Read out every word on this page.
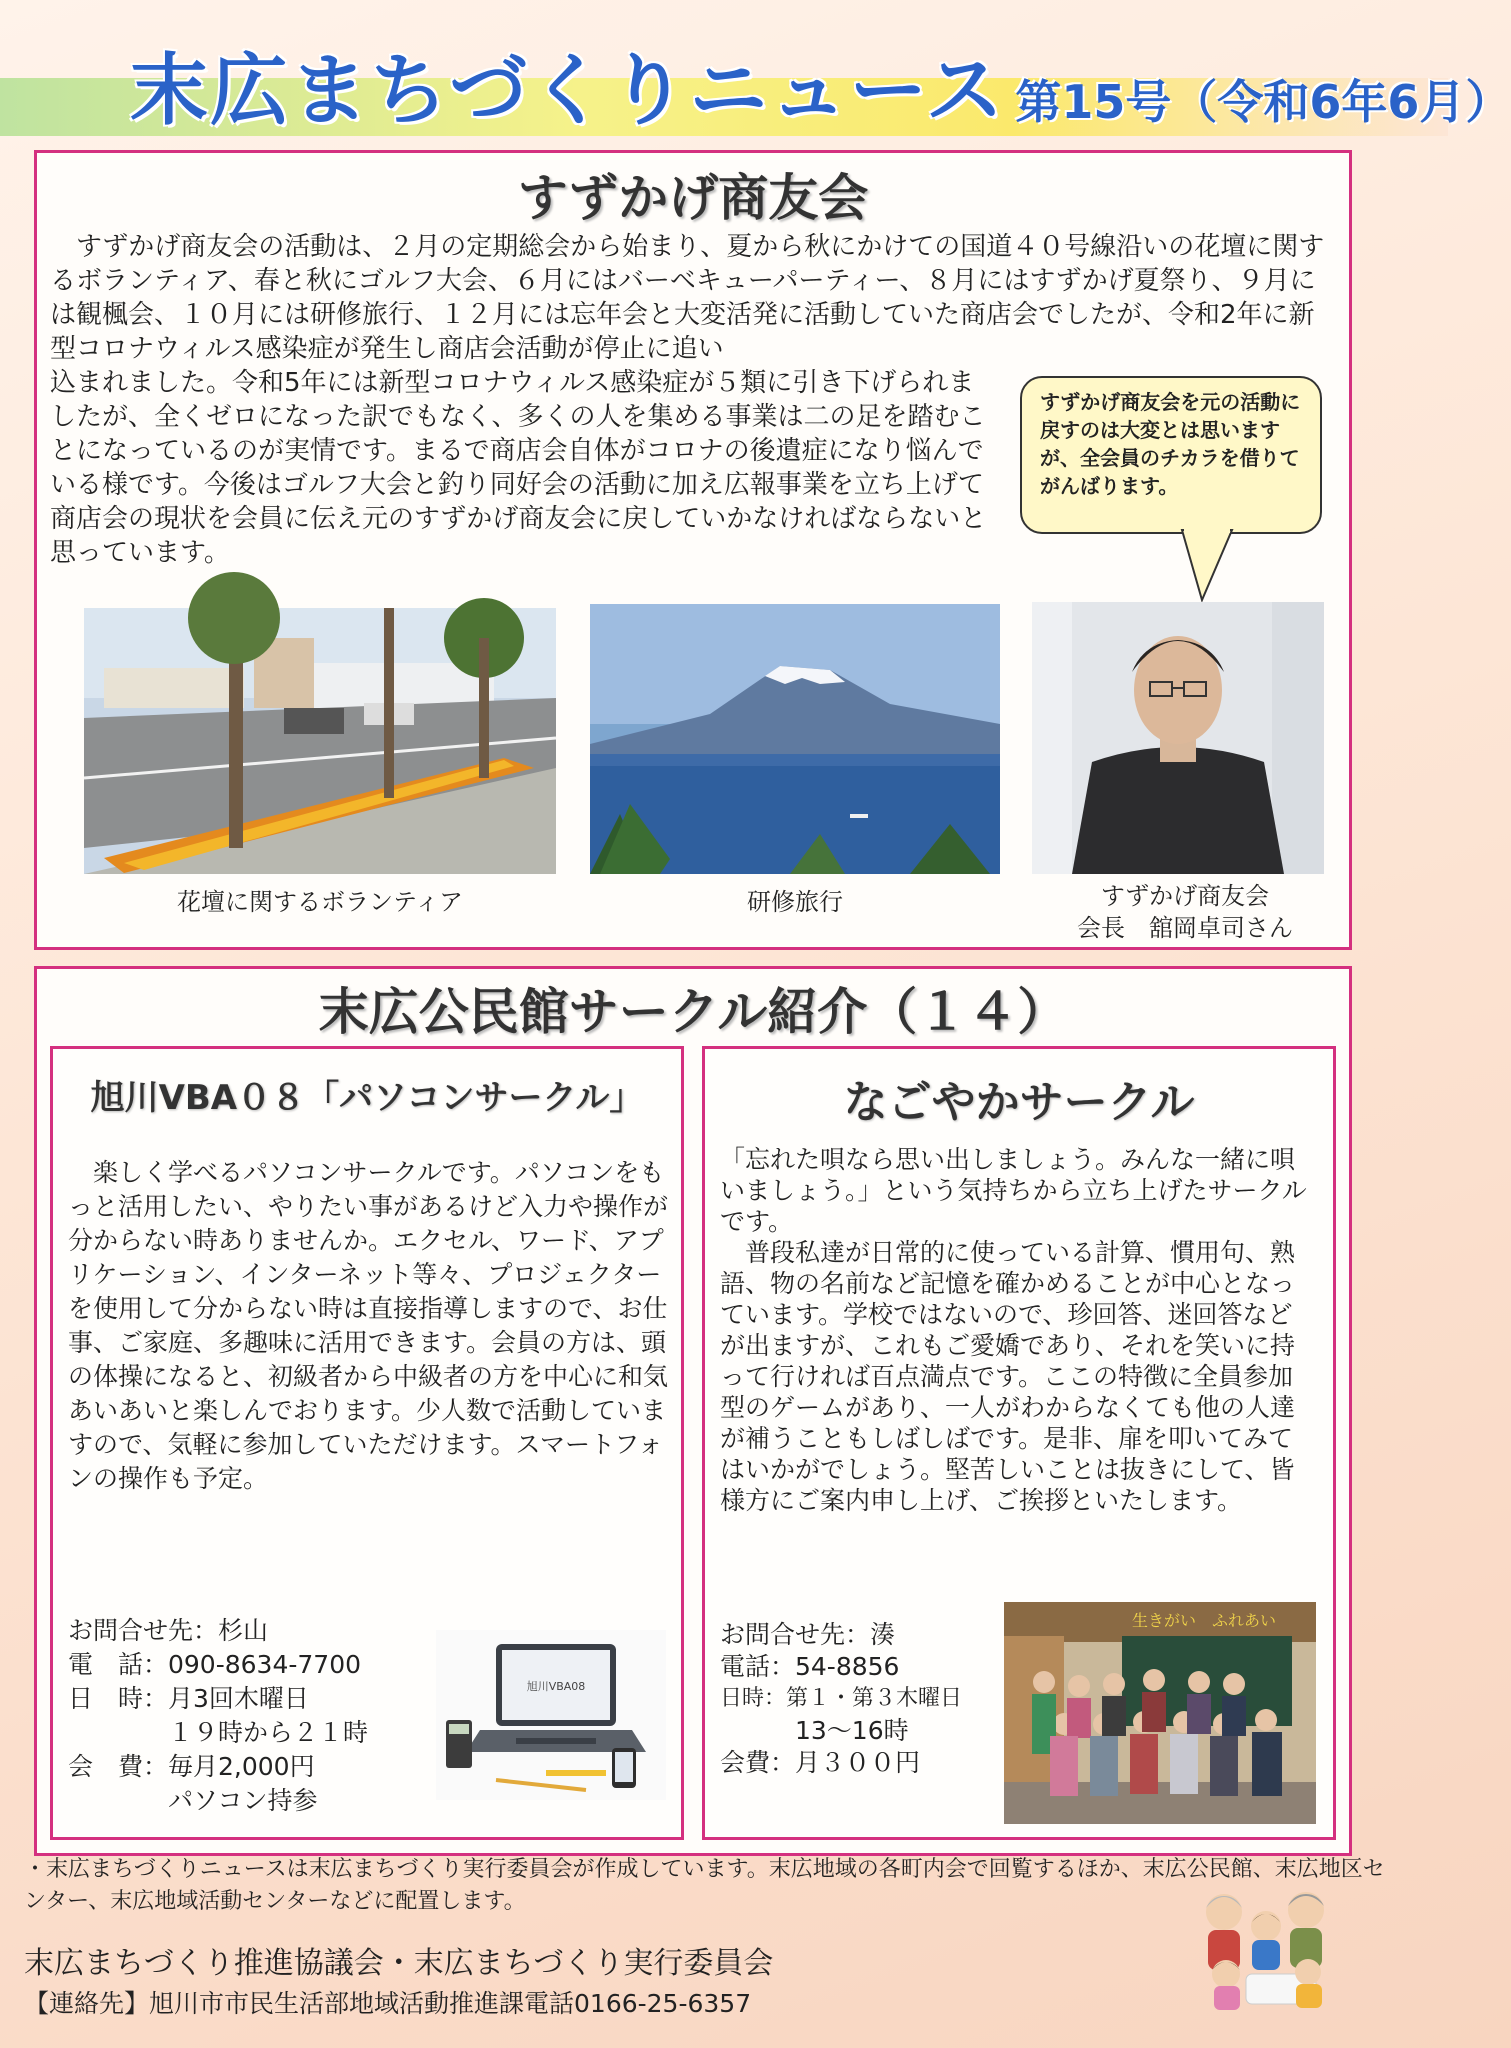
末広まちづくりニュース 第15号（令和6年6月）
すずかげ商友会
　すずかげ商友会の活動は、２月の定期総会から始まり、夏から秋にかけての国道４０号線沿いの花壇に関するボランティア、春と秋にゴルフ大会、６月にはバーベキューパーティー、８月にはすずかげ夏祭り、９月には観楓会、１０月には研修旅行、１２月には忘年会と大変活発に活動していた商店会でしたが、令和2年に新型コロナウィルス感染症が発生し商店会活動が停止に追い
込まれました。令和5年には新型コロナウィルス感染症が５類に引き下げられましたが、全くゼロになった訳でもなく、多くの人を集める事業は二の足を踏むことになっているのが実情です。まるで商店会自体がコロナの後遺症になり悩んでいる様です。今後はゴルフ大会と釣り同好会の活動に加え広報事業を立ち上げて商店会の現状を会員に伝え元のすずかげ商友会に戻していかなければならないと思っています。
すずかげ商友会を元の活動に戻すのは大変とは思いますが、全会員のチカラを借りてがんばります。
花壇に関するボランティア	研修旅行	すずかげ商友会
会長　舘岡卓司さん
末広公民館サークル紹介（１４）
旭川VBA０８「パソコンサークル」
　楽しく学べるパソコンサークルです。パソコンをもっと活用したい、やりたい事があるけど入力や操作が分からない時ありませんか。エクセル、ワード、アプリケーション、インターネット等々、プロジェクターを使用して分からない時は直接指導しますので、お仕事、ご家庭、多趣味に活用できます。会員の方は、頭の体操になると、初級者から中級者の方を中心に和気あいあいと楽しんでおります。少人数で活動していますので、気軽に参加していただけます。スマートフォンの操作も予定。
お問合せ先：杉山
電　話：090-8634-7700
日　時：月3回木曜日
　　　　１９時から２１時
会　費：毎月2,000円
　　　　パソコン持参
旭川VBA08
なごやかサークル
「忘れた唄なら思い出しましょう。みんな一緒に唄いましょう。」という気持ちから立ち上げたサークルです。
　普段私達が日常的に使っている計算、慣用句、熟語、物の名前など記憶を確かめることが中心となっています。学校ではないので、珍回答、迷回答などが出ますが、これもご愛嬌であり、それを笑いに持って行ければ百点満点です。ここの特徴に全員参加型のゲームがあり、一人がわからなくても他の人達が補うこともしばしばです。是非、扉を叩いてみてはいかがでしょう。堅苦しいことは抜きにして、皆様方にご案内申し上げ、ご挨拶といたします。
お問合せ先：湊
電話：54-8856
日時：第１・第３木曜日
　　　13〜16時
会費：月３００円
生きがい　ふれあい
・末広まちづくりニュースは末広まちづくり実行委員会が作成しています。末広地域の各町内会で回覧するほか、末広公民館、末広地区センター、末広地域活動センターなどに配置します。
末広まちづくり推進協議会・末広まちづくり実行委員会
【連絡先】旭川市市民生活部地域活動推進課電話0166-25-6357
